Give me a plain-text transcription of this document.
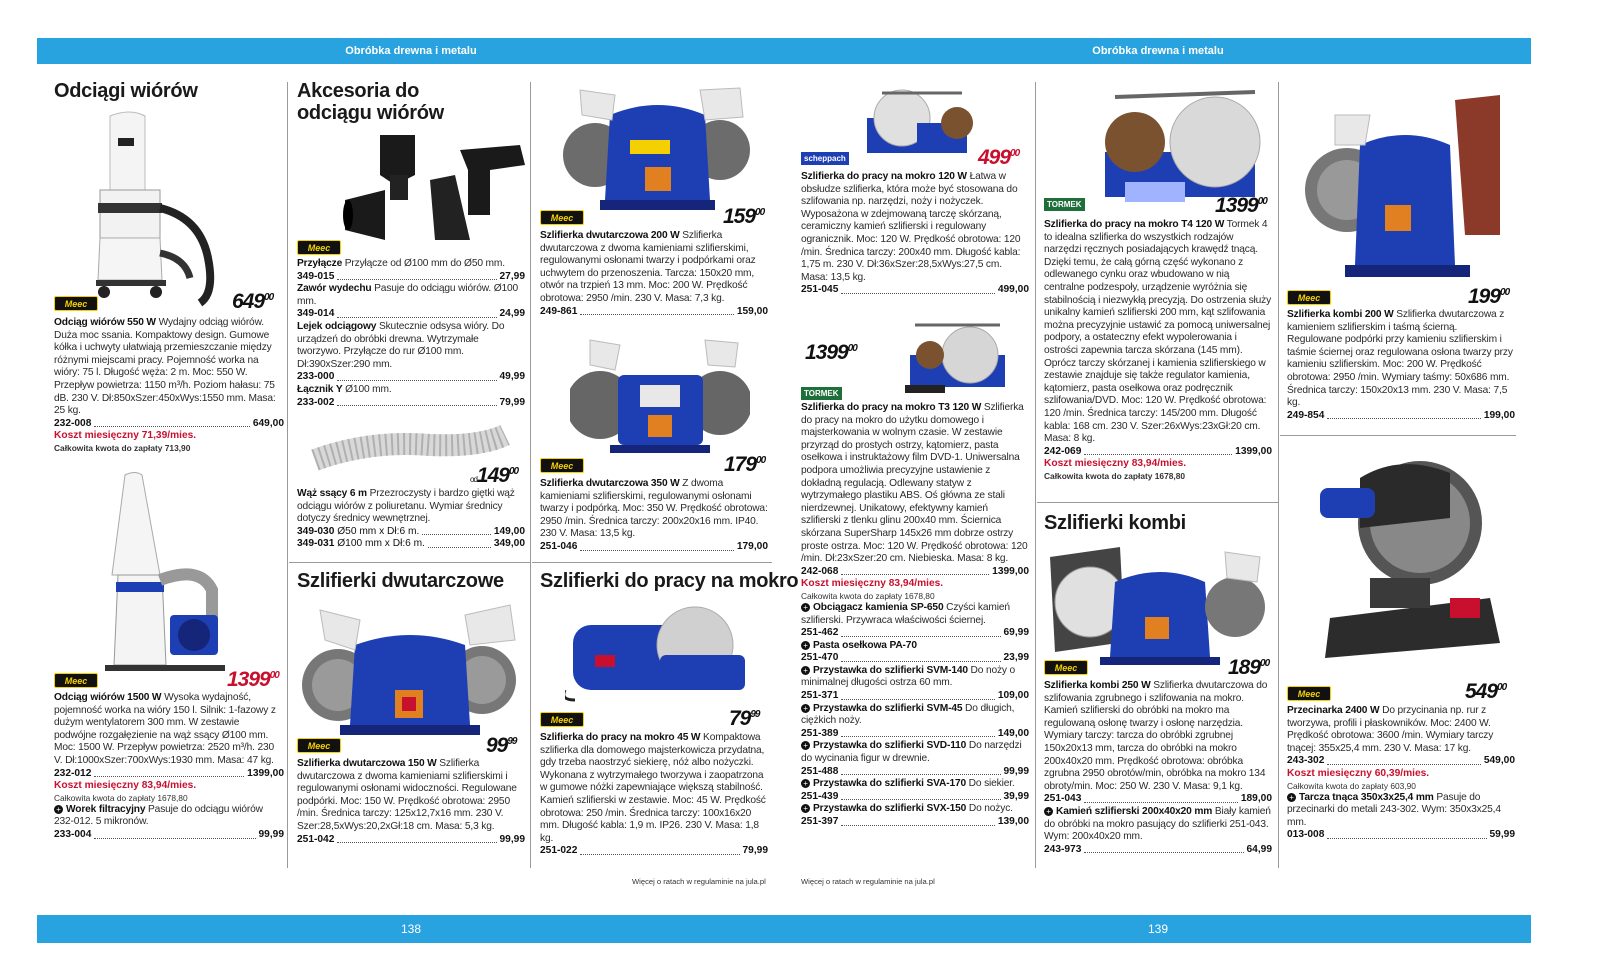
Obróbka drewna i metalu	Obróbka drewna i metalu
138	139
Więcej o ratach w regulaminie na jula.pl	Więcej o ratach w regulaminie na jula.pl
Odciągi wiórów
Meec	$649^{00}$
Odciąg wiórów 550 W Wydajny odciąg wiórów. Duża moc ssania. Kompaktowy design. Gumowe kółka i uchwyty ułatwiają przemieszczanie między różnymi miejscami pracy. Pojemność worka na wióry: 75 l. Długość węża: 2 m. Moc: 550 W. Przepływ powietrza: 1150 m³/h. Poziom hałasu: 75 dB. 230 V. Dł:850xSzer:450xWys:1550 mm. Masa: 25 kg.
232-008	649,00
Koszt miesięczny 71,39/mies.
Całkowita kwota do zapłaty 713,90
Meec	1399$^{00}$
Odciąg wiórów 1500 W Wysoka wydajność, pojemność worka na wióry 150 l. Silnik: 1-fazowy z dużym wentylatorem 300 mm. W zestawie podwójne rozgałęzienie na wąż ssący Ø100 mm. Moc: 1500 W. Przepływ powietrza: 2520 m³/h. 230 V. Dł:1000xSzer:700xWys:1930 mm. Masa: 47 kg.
232-012	1399,00
Koszt miesięczny 83,94/mies.
Całkowita kwota do zapłaty 1678,80
+ Worek filtracyjny Pasuje do odciągu wiórów 232-012. 5 mikronów.
233-004	99,99
Akcesoria do
odciągu wiórów
Meec
Przyłącze Przyłącze od Ø100 mm do Ø50 mm.
349-015	27,99
Zawór wydechu Pasuje do odciągu wiórów. Ø100 mm.
349-014	24,99
Lejek odciągowy Skutecznie odsysa wióry. Do urządzeń do obróbki drewna. Wytrzymałe tworzywo. Przyłącze do rur Ø100 mm. Dł:390xSzer:290 mm.
233-000	49,99
Łącznik Y Ø100 mm.
233-002	79,99
$od149^{00}$
Wąż ssący 6 m Przezroczysty i bardzo giętki wąż odciągu wiórów z poliuretanu. Wymiar średnicy dotyczy średnicy wewnętrznej.
349-030
Ø50 mm x Dł:6 m.	149,00
349-031
Ø100 mm x Dł:6 m.	349,00
Szlifierki dwutarczowe
Meec	$99^{99}$
Szlifierka dwutarczowa 150 W Szlifierka dwutarczowa z dwoma kamieniami szlifierskimi i regulowanymi osłonami widoczności. Regulowane podpórki. Moc: 150 W. Prędkość obrotowa: 2950 /min. Średnica tarczy: 125x12,7x16 mm. 230 V. Szer:28,5xWys:20,2xGł:18 cm. Masa: 5,3 kg.
251-042	99,99
Meec	$159^{00}$
Szlifierka dwutarczowa 200 W Szlifierka dwutarczowa z dwoma kamieniami szlifierskimi, regulowanymi osłonami twarzy i podpórkami oraz uchwytem do przenoszenia. Tarcza: 150x20 mm, otwór na trzpień 13 mm. Moc: 200 W. Prędkość obrotowa: 2950 /min. 230 V. Masa: 7,3 kg.
249-861	159,00
Meec	$179^{00}$
Szlifierka dwutarczowa 350 W Z dwoma kamieniami szlifierskimi, regulowanymi osłonami twarzy i podpórką. Moc: 350 W. Prędkość obrotowa: 2950 /min. Średnica tarczy: 200x20x16 mm. IP40. 230 V. Masa: 13,5 kg.
251-046	179,00
Szlifierki do pracy na mokro
Meec	$79^{99}$
Szlifierka do pracy na mokro 45 W Kompaktowa szlifierka dla domowego majsterkowicza przydatna, gdy trzeba naostrzyć siekierę, nóż albo nożyczki. Wykonana z wytrzymałego tworzywa i zaopatrzona w gumowe nóżki zapewniające większą stabilność. Kamień szlifierski w zestawie. Moc: 45 W. Prędkość obrotowa: 250 /min. Średnica tarczy: 100x16x20 mm. Długość kabla: 1,9 m. IP26. 230 V. Masa: 1,8 kg.
251-022	79,99
scheppach	$499^{00}$
Szlifierka do pracy na mokro 120 W Łatwa w obsłudze szlifierka, która może być stosowana do szlifowania np. narzędzi, noży i nożyczek. Wyposażona w zdejmowaną tarczę skórzaną, ceramiczny kamień szlifierski i regulowany ogranicznik. Moc: 120 W. Prędkość obrotowa: 120 /min. Średnica tarczy: 200x40 mm. Długość kabla: 1,75 m. 230 V. Dł:36xSzer:28,5xWys:27,5 cm. Masa: 13,5 kg.
251-045	499,00
1399$^{00}$
TORMEK
Szlifierka do pracy na mokro T3 120 W Szlifierka do pracy na mokro do użytku domowego i majsterkowania w wolnym czasie. W zestawie przyrząd do prostych ostrzy, kątomierz, pasta osełkowa i instruktażowy film DVD-1. Uniwersalna podpora umożliwia precyzyjne ustawienie z dokładną regulacją. Odlewany statyw z wytrzymałego plastiku ABS. Oś główna ze stali nierdzewnej. Unikatowy, efektywny kamień szlifierski z tlenku glinu 200x40 mm. Ściernica skórzana SuperSharp 145x26 mm dobrze ostrzy proste ostrza. Moc: 120 W. Prędkość obrotowa: 120 /min. Dł:23xSzer:20 cm. Niebieska. Masa: 8 kg.
242-068	1399,00
Koszt miesięczny 83,94/mies.
Całkowita kwota do zapłaty 1678,80
+ Obciągacz kamienia SP-650 Czyści kamień szlifierski. Przywraca właściwości ściernej.
251-462	69,99
+ Pasta osełkowa PA-70
251-470	23,99
+ Przystawka do szlifierki SVM-140 Do noży o minimalnej długości ostrza 60 mm.
251-371	109,00
+ Przystawka do szlifierki SVM-45 Do długich, ciężkich noży.
251-389	149,00
+ Przystawka do szlifierki SVD-110 Do narzędzi do wycinania figur w drewnie.
251-488	99,99
+ Przystawka do szlifierki SVA-170 Do siekier.
251-439	39,99
+ Przystawka do szlifierki SVX-150 Do nożyc.
251-397	139,00
TORMEK	1399$^{00}$
Szlifierka do pracy na mokro T4 120 W Tormek 4 to idealna szlifierka do wszystkich rodzajów narzędzi ręcznych posiadających krawędź tnącą. Dzięki temu, że całą górną część wykonano z odlewanego cynku oraz wbudowano w nią centralne podzespoły, urządzenie wyróżnia się stabilnością i niezwykłą precyzją. Do ostrzenia służy unikalny kamień szlifierski 200 mm, kąt szlifowania można precyzyjnie ustawić za pomocą uniwersalnej podpory, a ostateczny efekt wypolerowania i ostrości zapewnia tarcza skórzana (145 mm). Oprócz tarczy skórzanej i kamienia szlifierskiego w zestawie znajduje się także regulator kamienia, kątomierz, pasta osełkowa oraz podręcznik szlifowania/DVD. Moc: 120 W. Prędkość obrotowa: 120 /min. Średnica tarczy: 145/200 mm. Długość kabla: 168 cm. 230 V. Szer:26xWys:23xGł:20 cm. Masa: 8 kg.
242-069	1399,00
Koszt miesięczny 83,94/mies.
Całkowita kwota do zapłaty 1678,80
Szlifierki kombi
Meec	$189^{00}$
Szlifierka kombi 250 W Szlifierka dwutarczowa do szlifowania zgrubnego i szlifowania na mokro. Kamień szlifierski do obróbki na mokro ma regulowaną osłonę twarzy i osłonę narzędzia. Wymiary tarczy: tarcza do obróbki zgrubnej 150x20x13 mm, tarcza do obróbki na mokro 200x40x20 mm. Prędkość obrotowa: obróbka zgrubna 2950 obrotów/min, obróbka na mokro 134 obroty/min. Moc: 250 W. 230 V. Masa: 9,1 kg.
251-043	189,00
+ Kamień szlifierski 200x40x20 mm Biały kamień do obróbki na mokro pasujący do szlifierki 251-043. Wym: 200x40x20 mm.
243-973	64,99
Meec	$199^{00}$
Szlifierka kombi 200 W Szlifierka dwutarczowa z kamieniem szlifierskim i taśmą ścierną. Regulowane podpórki przy kamieniu szlifierskim i taśmie ściernej oraz regulowana osłona twarzy przy kamieniu szlifierskim. Moc: 200 W. Prędkość obrotowa: 2950 /min. Wymiary taśmy: 50x686 mm. Średnica tarczy: 150x20x13 mm. 230 V. Masa: 7,5 kg.
249-854	199,00
Meec	$549^{00}$
Przecinarka 2400 W Do przycinania np. rur z tworzywa, profili i płaskowników. Moc: 2400 W. Prędkość obrotowa: 3600 /min. Wymiary tarczy tnącej: 355x25,4 mm. 230 V. Masa: 17 kg.
243-302	549,00
Koszt miesięczny 60,39/mies.
Całkowita kwota do zapłaty 603,90
+ Tarcza tnąca 350x3x25,4 mm Pasuje do przecinarki do metali 243-302. Wym: 350x3x25,4 mm.
013-008	59,99
